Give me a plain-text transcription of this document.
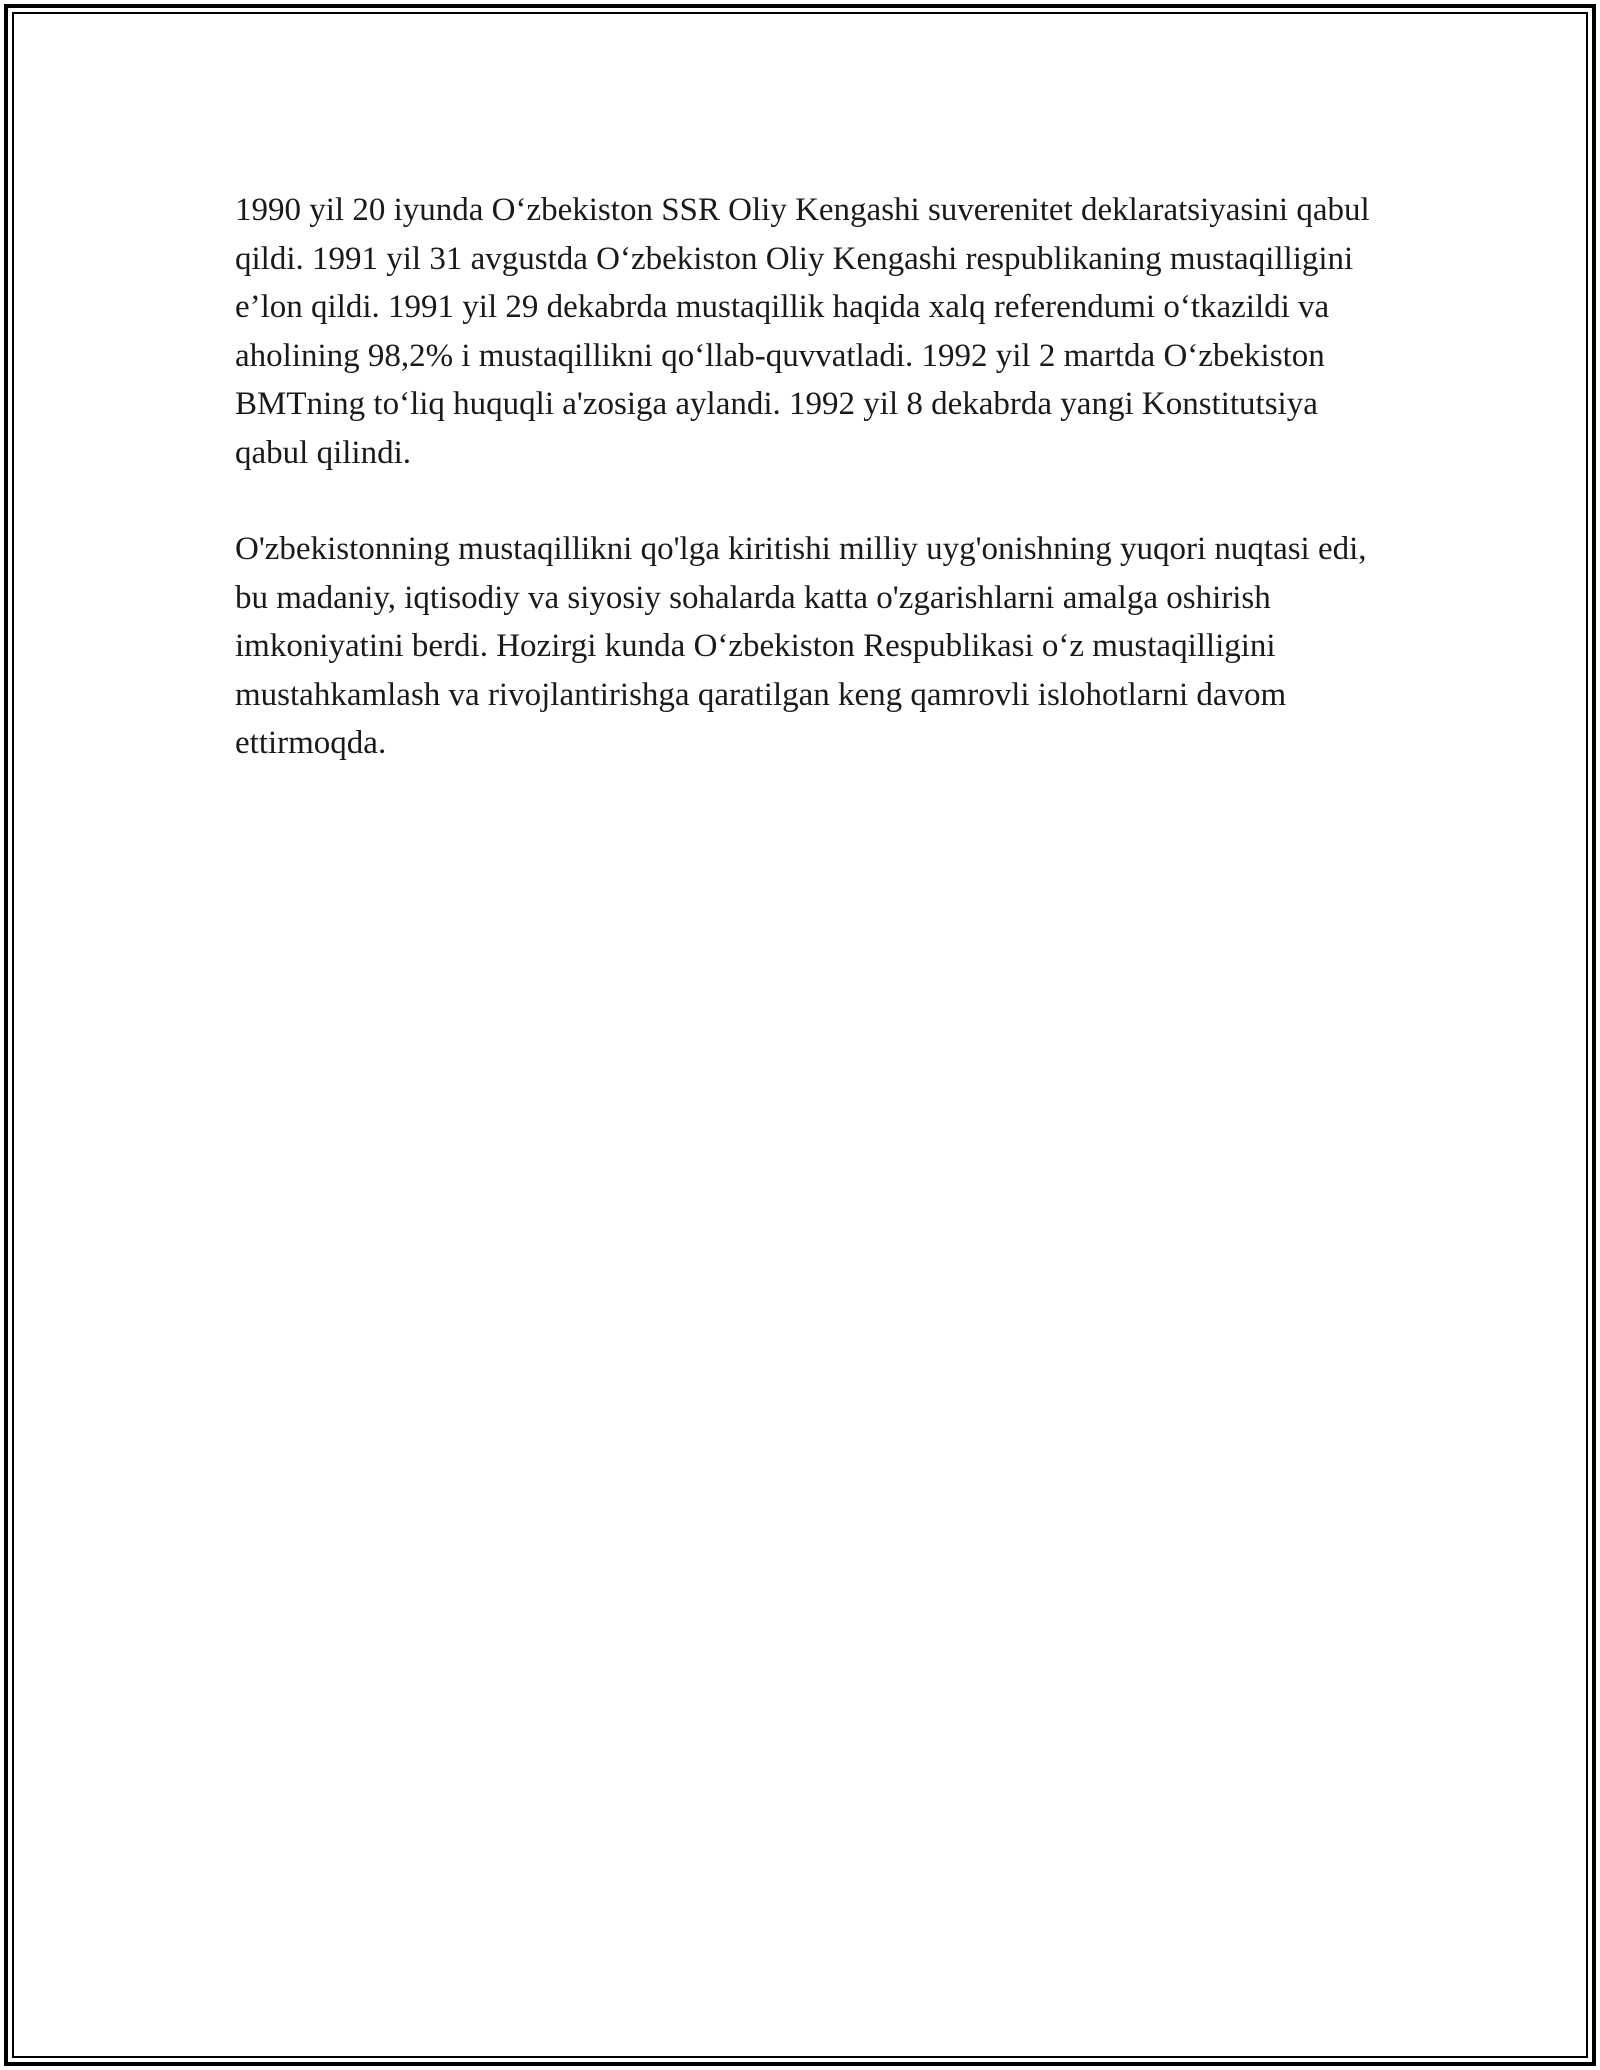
1990 yil 20 iyunda O‘zbekiston SSR Oliy Kengashi suverenitet deklaratsiyasini qabul qildi. 1991 yil 31 avgustda O‘zbekiston Oliy Kengashi respublikaning mustaqilligini e’lon qildi. 1991 yil 29 dekabrda mustaqillik haqida xalq referendumi o‘tkazildi va aholining 98,2% i mustaqillikni qo‘llab-quvvatladi. 1992 yil 2 martda O‘zbekiston BMTning to‘liq huquqli a'zosiga aylandi. 1992 yil 8 dekabrda yangi Konstitutsiya qabul qilindi.

O'zbekistonning mustaqillikni qo'lga kiritishi milliy uyg'onishning yuqori nuqtasi edi, bu madaniy, iqtisodiy va siyosiy sohalarda katta o'zgarishlarni amalga oshirish imkoniyatini berdi. Hozirgi kunda O‘zbekiston Respublikasi o‘z mustaqilligini mustahkamlash va rivojlantirishga qaratilgan keng qamrovli islohotlarni davom ettirmoqda.
